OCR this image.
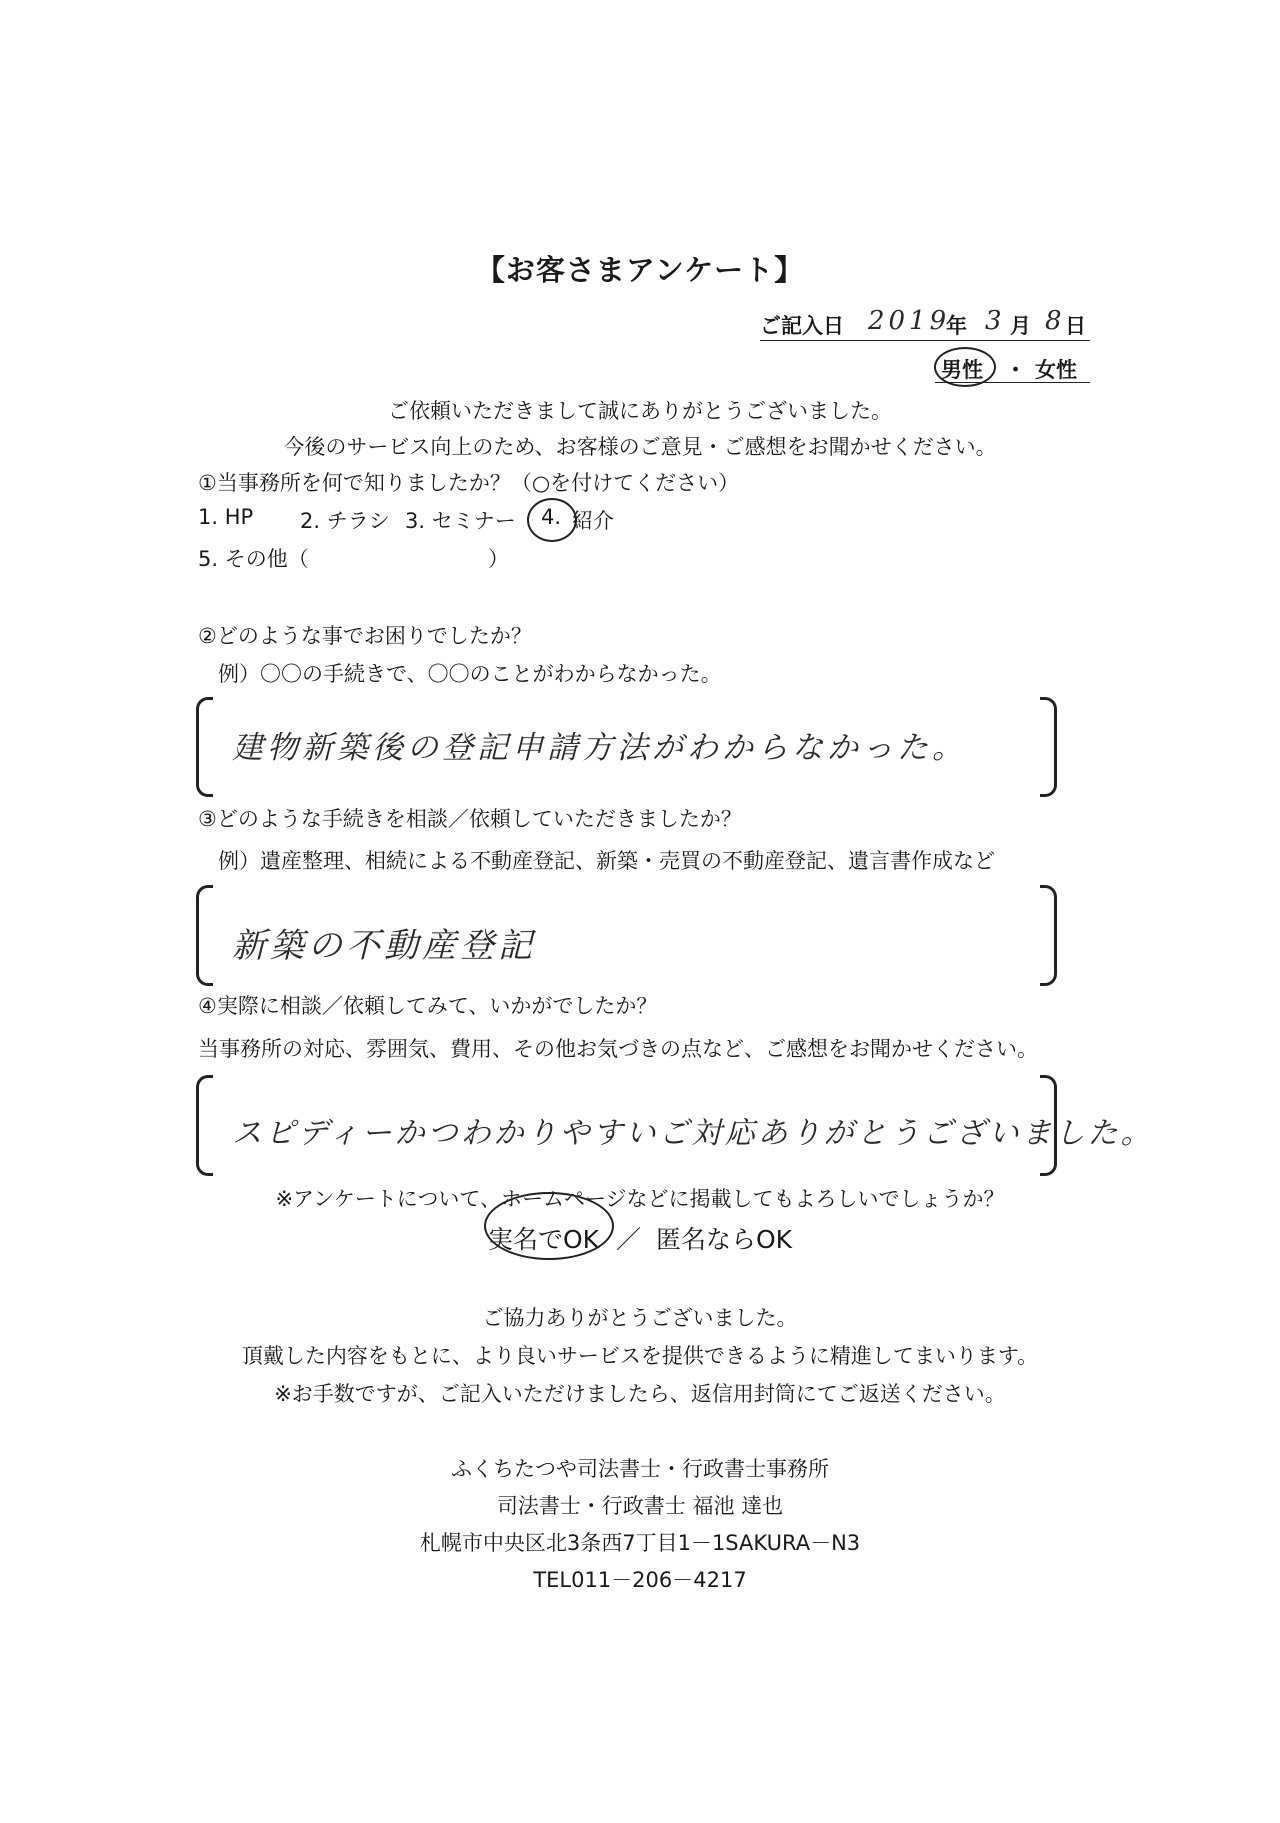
【お客さまアンケート】
ご記入日 2019
年 3 月 8 日
男性 ・ 女性
ご依頼いただきまして誠にありがとうございました。
今後のサービス向上のため、お客様のご意見・ご感想をお聞かせください。
①当事務所を何で知りましたか？（○を付けてください）
1. HP 2. チラシ 3. セミナー 4. 紹介
5. その他（	）
②どのような事でお困りでしたか？
例）〇〇の手続きで、〇〇のことがわからなかった。
建物新築後の登記申請方法がわからなかった。
③どのような手続きを相談／依頼していただきましたか？
例）遺産整理、相続による不動産登記、新築・売買の不動産登記、遺言書作成など
新築の不動産登記
④実際に相談／依頼してみて、いかがでしたか？
当事務所の対応、雰囲気、費用、その他お気づきの点など、ご感想をお聞かせください。
スピディーかつわかりやすいご対応ありがとうございました。
※アンケートについて、ホームページなどに掲載してもよろしいでしょうか？
実名でOK ／ 匿名ならOK
ご協力ありがとうございました。
頂戴した内容をもとに、より良いサービスを提供できるように精進してまいります。
※お手数ですが、ご記入いただけましたら、返信用封筒にてご返送ください。
ふくちたつや司法書士・行政書士事務所
司法書士・行政書士 福池 達也
札幌市中央区北3条西7丁目1－1SAKURA－N3
TEL011－206－4217
